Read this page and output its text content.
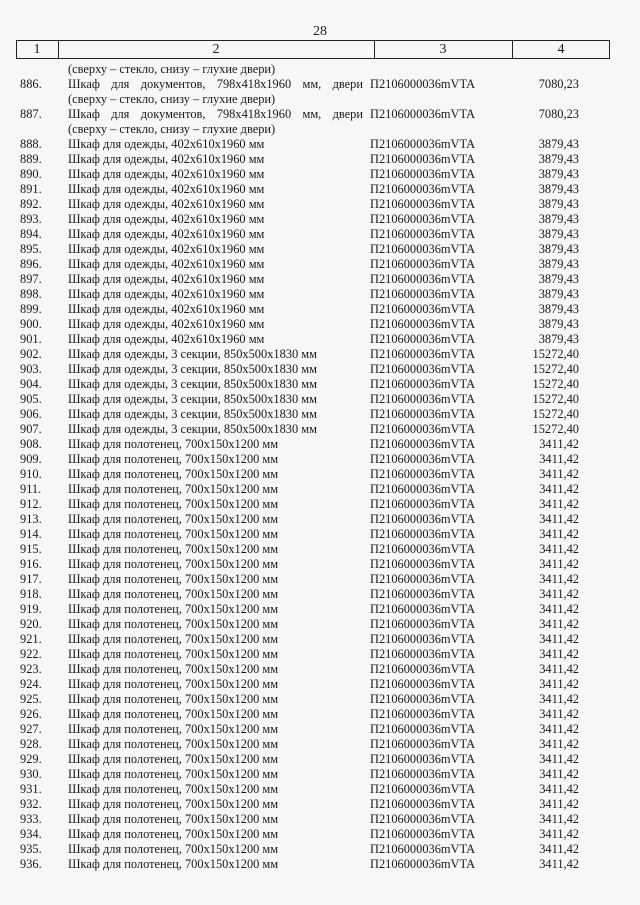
28
1	2	3	4
(сверху – стекло, снизу – глухие двери)
886.	Шкаф для документов, 798x418x1960 мм, двери П2106000036mVTA	7080,23
(сверху – стекло, снизу – глухие двери)
887.	Шкаф для документов, 798x418x1960 мм, двери П2106000036mVTA	7080,23
(сверху – стекло, снизу – глухие двери)
888.	Шкаф для одежды, 402x610x1960 мм	П2106000036mVTA	3879,43
889.	Шкаф для одежды, 402x610x1960 мм	П2106000036mVTA	3879,43
890.	Шкаф для одежды, 402x610x1960 мм	П2106000036mVTA	3879,43
891.	Шкаф для одежды, 402x610x1960 мм	П2106000036mVTA	3879,43
892.	Шкаф для одежды, 402x610x1960 мм	П2106000036mVTA	3879,43
893.	Шкаф для одежды, 402x610x1960 мм	П2106000036mVTA	3879,43
894.	Шкаф для одежды, 402x610x1960 мм	П2106000036mVTA	3879,43
895.	Шкаф для одежды, 402x610x1960 мм	П2106000036mVTA	3879,43
896.	Шкаф для одежды, 402x610x1960 мм	П2106000036mVTA	3879,43
897.	Шкаф для одежды, 402x610x1960 мм	П2106000036mVTA	3879,43
898.	Шкаф для одежды, 402x610x1960 мм	П2106000036mVTA	3879,43
899.	Шкаф для одежды, 402x610x1960 мм	П2106000036mVTA	3879,43
900.	Шкаф для одежды, 402x610x1960 мм	П2106000036mVTA	3879,43
901.	Шкаф для одежды, 402x610x1960 мм	П2106000036mVTA	3879,43
902.	Шкаф для одежды, 3 секции, 850x500x1830 мм	П2106000036mVTA	15272,40
903.	Шкаф для одежды, 3 секции, 850x500x1830 мм	П2106000036mVTA	15272,40
904.	Шкаф для одежды, 3 секции, 850x500x1830 мм	П2106000036mVTA	15272,40
905.	Шкаф для одежды, 3 секции, 850x500x1830 мм	П2106000036mVTA	15272,40
906.	Шкаф для одежды, 3 секции, 850x500x1830 мм	П2106000036mVTA	15272,40
907.	Шкаф для одежды, 3 секции, 850x500x1830 мм	П2106000036mVTA	15272,40
908.	Шкаф для полотенец, 700x150x1200 мм	П2106000036mVTA	3411,42
909.	Шкаф для полотенец, 700x150x1200 мм	П2106000036mVTA	3411,42
910.	Шкаф для полотенец, 700x150x1200 мм	П2106000036mVTA	3411,42
911.	Шкаф для полотенец, 700x150x1200 мм	П2106000036mVTA	3411,42
912.	Шкаф для полотенец, 700x150x1200 мм	П2106000036mVTA	3411,42
913.	Шкаф для полотенец, 700x150x1200 мм	П2106000036mVTA	3411,42
914.	Шкаф для полотенец, 700x150x1200 мм	П2106000036mVTA	3411,42
915.	Шкаф для полотенец, 700x150x1200 мм	П2106000036mVTA	3411,42
916.	Шкаф для полотенец, 700x150x1200 мм	П2106000036mVTA	3411,42
917.	Шкаф для полотенец, 700x150x1200 мм	П2106000036mVTA	3411,42
918.	Шкаф для полотенец, 700x150x1200 мм	П2106000036mVTA	3411,42
919.	Шкаф для полотенец, 700x150x1200 мм	П2106000036mVTA	3411,42
920.	Шкаф для полотенец, 700x150x1200 мм	П2106000036mVTA	3411,42
921.	Шкаф для полотенец, 700x150x1200 мм	П2106000036mVTA	3411,42
922.	Шкаф для полотенец, 700x150x1200 мм	П2106000036mVTA	3411,42
923.	Шкаф для полотенец, 700x150x1200 мм	П2106000036mVTA	3411,42
924.	Шкаф для полотенец, 700x150x1200 мм	П2106000036mVTA	3411,42
925.	Шкаф для полотенец, 700x150x1200 мм	П2106000036mVTA	3411,42
926.	Шкаф для полотенец, 700x150x1200 мм	П2106000036mVTA	3411,42
927.	Шкаф для полотенец, 700x150x1200 мм	П2106000036mVTA	3411,42
928.	Шкаф для полотенец, 700x150x1200 мм	П2106000036mVTA	3411,42
929.	Шкаф для полотенец, 700x150x1200 мм	П2106000036mVTA	3411,42
930.	Шкаф для полотенец, 700x150x1200 мм	П2106000036mVTA	3411,42
931.	Шкаф для полотенец, 700x150x1200 мм	П2106000036mVTA	3411,42
932.	Шкаф для полотенец, 700x150x1200 мм	П2106000036mVTA	3411,42
933.	Шкаф для полотенец, 700x150x1200 мм	П2106000036mVTA	3411,42
934.	Шкаф для полотенец, 700x150x1200 мм	П2106000036mVTA	3411,42
935.	Шкаф для полотенец, 700x150x1200 мм	П2106000036mVTA	3411,42
936.	Шкаф для полотенец, 700x150x1200 мм	П2106000036mVTA	3411,42
